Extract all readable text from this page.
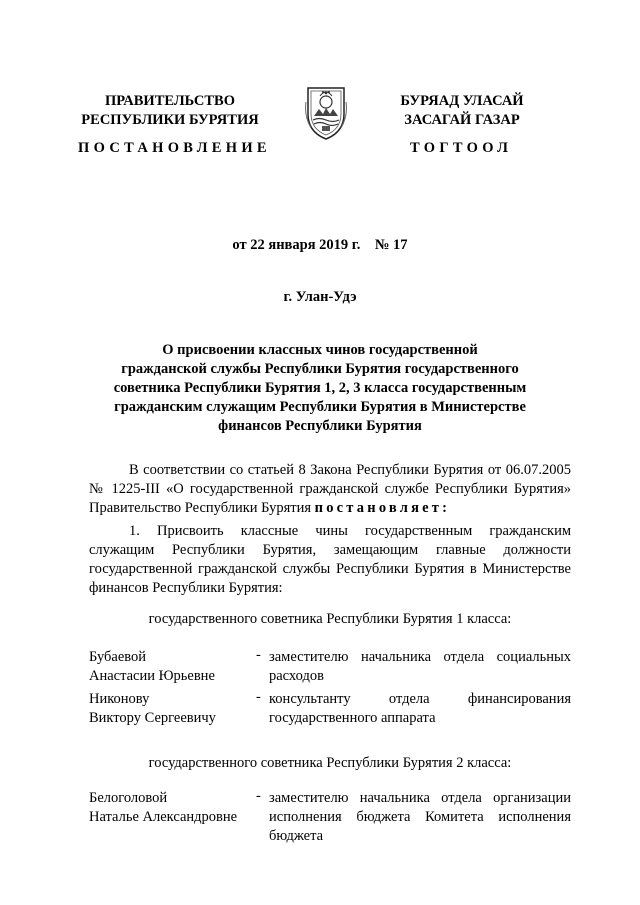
ПРАВИТЕЛЬСТВО
РЕСПУБЛИКИ БУРЯТИЯ
БУРЯАД УЛАСАЙ
ЗАСАГАЙ ГАЗАР
ПОСТАНОВЛЕНИЕ	ТОГТООЛ
от 22 января 2019 г.    № 17
г. Улан-Удэ
О присвоении классных чинов государственной
гражданской службы Республики Бурятия государственного
советника Республики Бурятия 1, 2, 3 класса государственным
гражданским служащим Республики Бурятия в Министерстве
финансов Республики Бурятия
В соответствии со статьей 8 Закона Республики Бурятия от 06.07.2005 № 1225-III «О государственной гражданской службе Республики Бурятия» Правительство Республики Бурятия постановляет:
1. Присвоить классные чины государственным гражданским служащим Республики Бурятия, замещающим главные должности государственной гражданской службы Республики Бурятия в Министерстве финансов Республики Бурятия:
государственного советника Республики Бурятия 1 класса:
Бубаевой
Анастасии Юрьевне
- заместителю начальника отдела социальных расходов
Никонову
Виктору Сергеевичу
- консультанту отдела финансирования государственного аппарата
государственного советника Республики Бурятия 2 класса:
Белоголовой
Наталье Александровне
- заместителю начальника отдела организации исполнения бюджета Комитета исполнения бюджета
